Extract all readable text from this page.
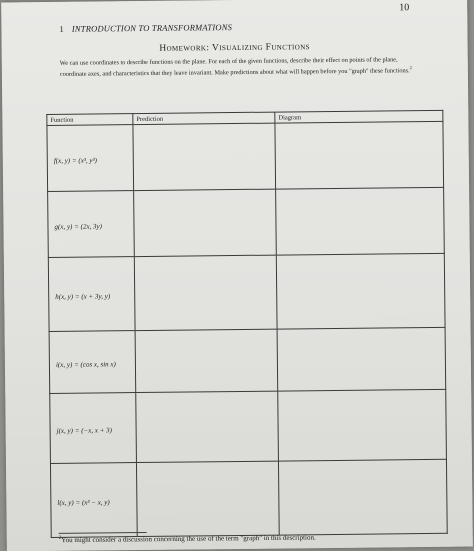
10
1 INTRODUCTION TO TRANSFORMATIONS
Homework: Visualizing Functions
We can use coordinates to describe functions on the plane. For each of the given functions, describe their effect on points of the plane, coordinate axes, and characteristics that they leave invariant. Make predictions about what will happen before you "graph" these functions.$^2$
Function	Prediction	Diagram
f(x, y) = (x³, y³)		
g(x, y) = (2x, 3y)		
h(x, y) = (x + 3y, y)		
i(x, y) = (cos x, sin x)		
j(x, y) = (−x, x + 3)		
l(x, y) = (x³ − x, y)		
$^2$You might consider a discussion concerning the use of the term "graph" in this description.
